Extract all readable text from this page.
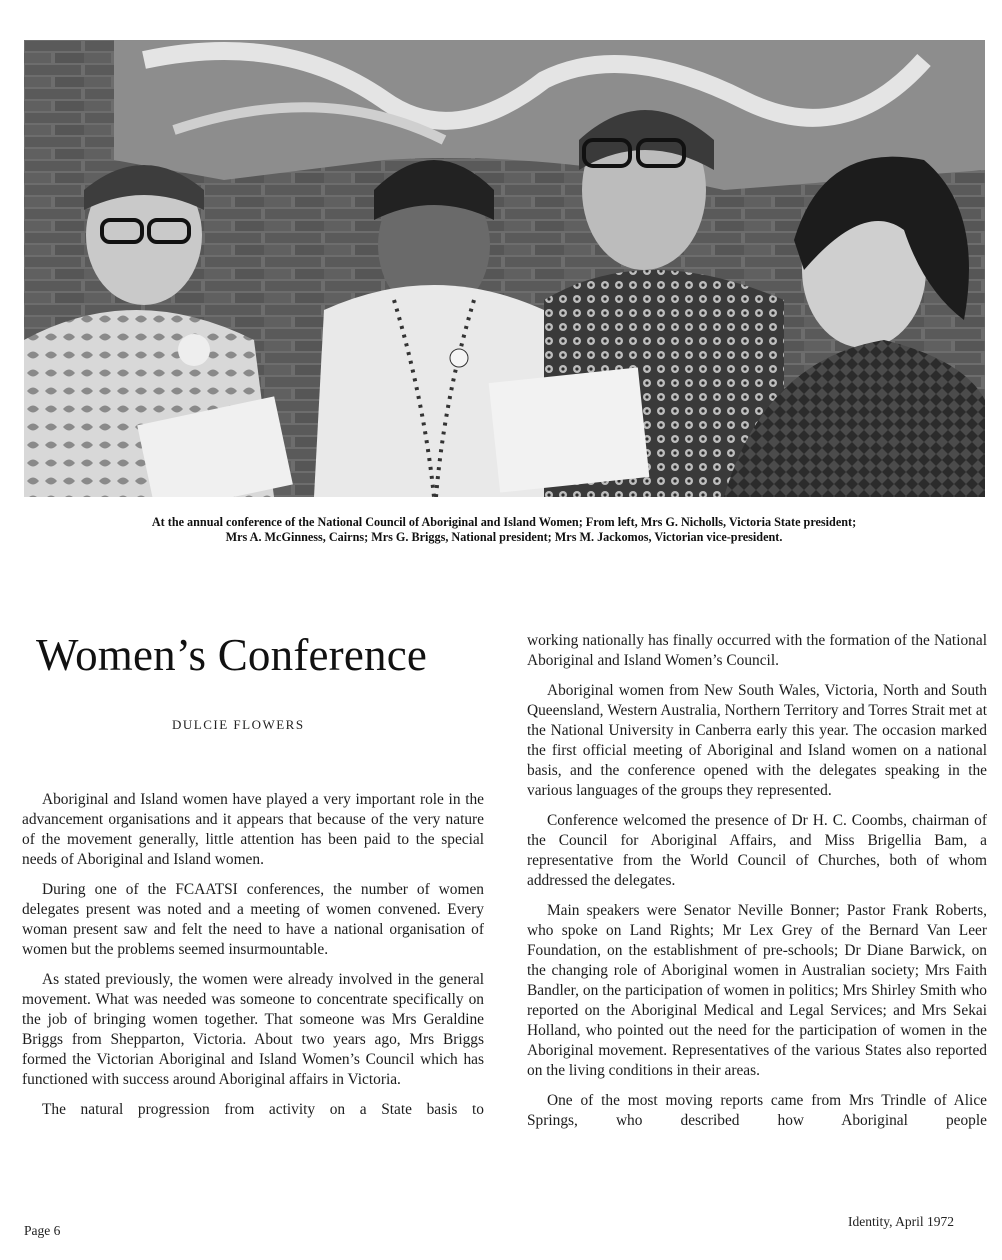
At the annual conference of the National Council of Aboriginal and Island Women; From left, Mrs G. Nicholls, Victoria State president;

Mrs A. McGinness, Cairns; Mrs G. Briggs, National president; Mrs M. Jackomos, Victorian vice-president.

Women’s Conference
DULCIE FLOWERS

Aboriginal and Island women have played a very important role in the advancement organisations and it appears that because of the very nature of the movement generally, little attention has been paid to the special needs of Aboriginal and Island women.

During one of the FCAATSI conferences, the number of women delegates present was noted and a meeting of women convened. Every woman present saw and felt the need to have a national organisation of women but the problems seemed insurmountable.

As stated previously, the women were already involved in the general movement. What was needed was someone to concentrate specifically on the job of bringing women together. That someone was Mrs Geraldine Briggs from Shepparton, Victoria. About two years ago, Mrs Briggs formed the Victorian Aboriginal and Island Women’s Council which has functioned with success around Aboriginal affairs in Victoria.

The natural progression from activity on a State basis to

working nationally has finally occurred with the formation of the National Aboriginal and Island Women’s Council.

Aboriginal women from New South Wales, Victoria, North and South Queensland, Western Australia, Northern Territory and Torres Strait met at the National University in Canberra early this year. The occasion marked the first official meeting of Aboriginal and Island women on a national basis, and the conference opened with the delegates speaking in the various languages of the groups they represented.

Conference welcomed the presence of Dr H. C. Coombs, chairman of the Council for Aboriginal Affairs, and Miss Brigellia Bam, a representative from the World Council of Churches, both of whom addressed the delegates.

Main speakers were Senator Neville Bonner; Pastor Frank Roberts, who spoke on Land Rights; Mr Lex Grey of the Bernard Van Leer Foundation, on the establishment of pre-schools; Dr Diane Barwick, on the changing role of Aboriginal women in Australian society; Mrs Faith Bandler, on the participation of women in politics; Mrs Shirley Smith who reported on the Aboriginal Medical and Legal Services; and Mrs Sekai Holland, who pointed out the need for the participation of women in the Aboriginal movement. Representatives of the various States also reported on the living conditions in their areas.

One of the most moving reports came from Mrs Trindle of Alice Springs, who described how Aboriginal people

Page 6
Identity, April 1972
